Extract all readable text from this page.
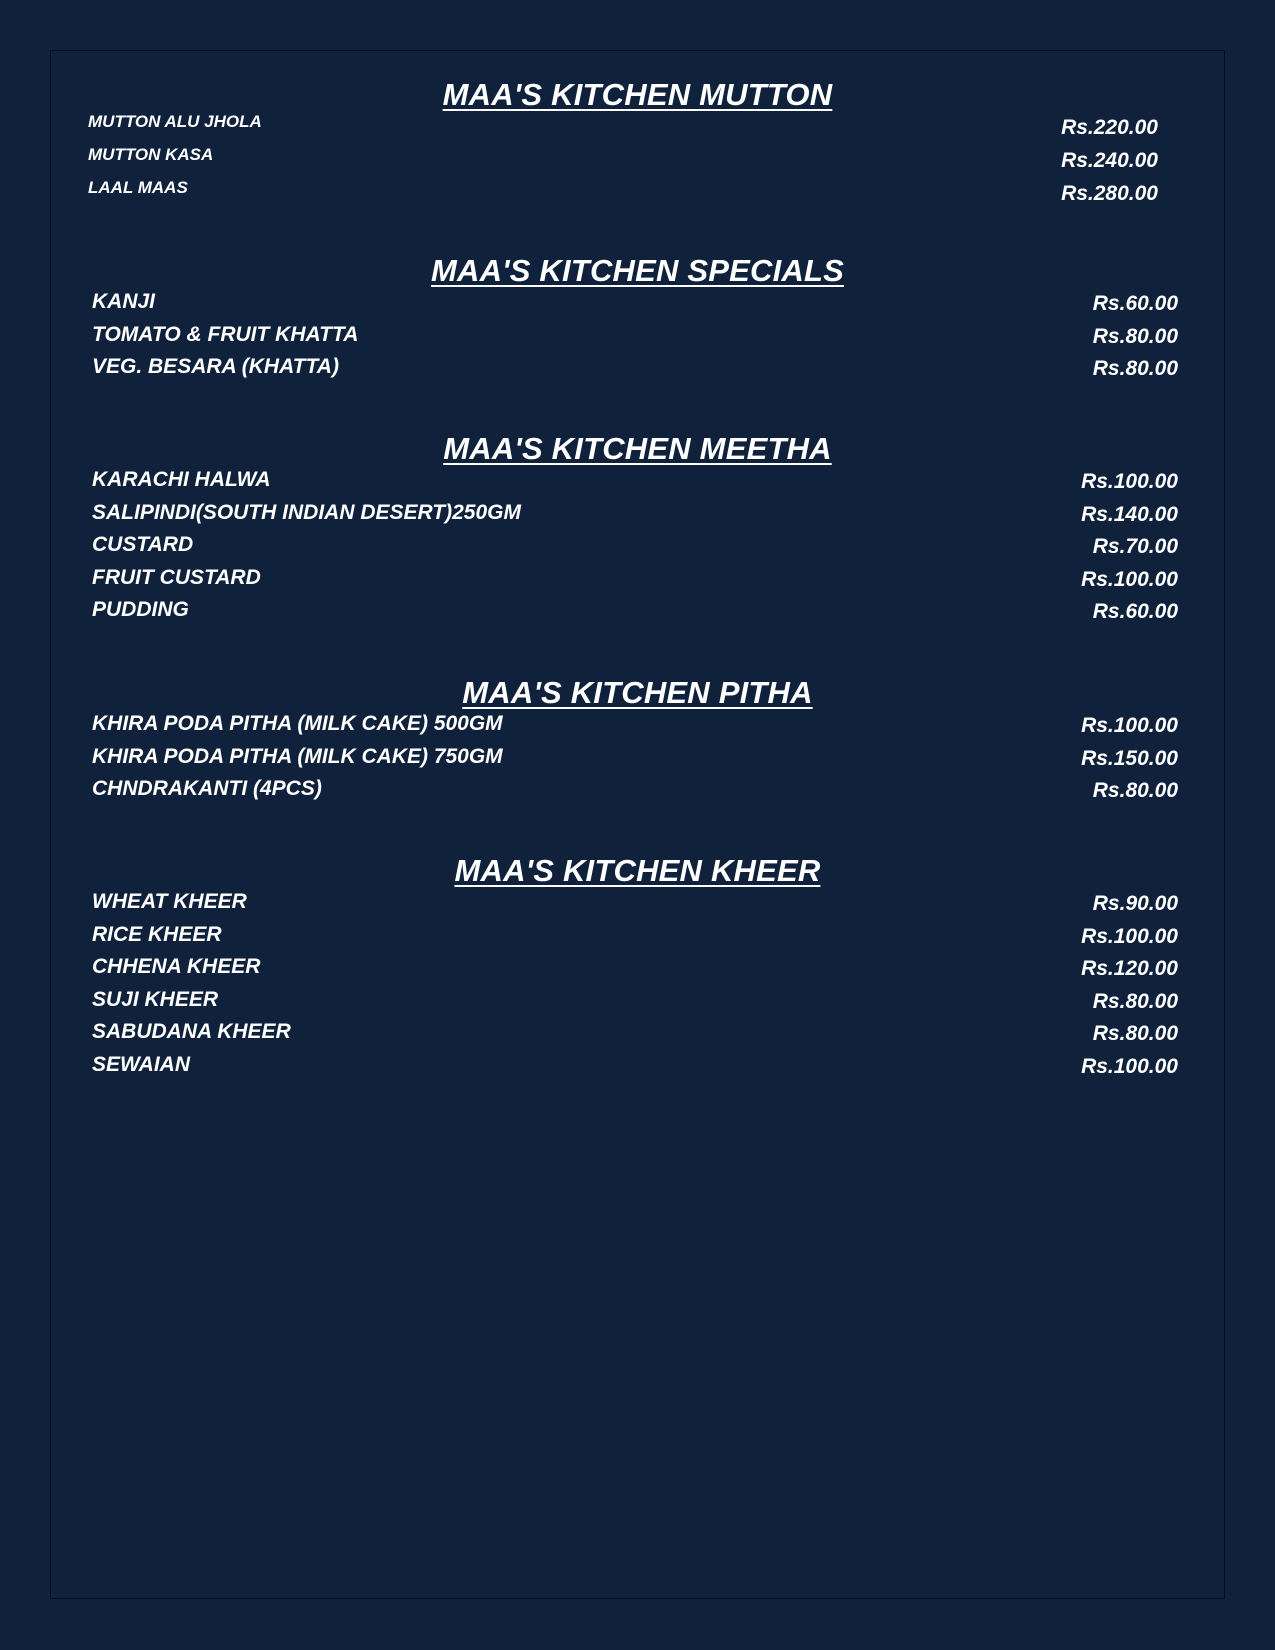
MAA'S KITCHEN MUTTON
MUTTON ALU JHOLA	Rs.220.00
MUTTON KASA	Rs.240.00
LAAL MAAS	Rs.280.00
MAA'S KITCHEN SPECIALS
KANJI	Rs.60.00
TOMATO & FRUIT KHATTA	Rs.80.00
VEG. BESARA (KHATTA)	Rs.80.00
MAA'S KITCHEN MEETHA
KARACHI HALWA	Rs.100.00
SALIPINDI(SOUTH INDIAN DESERT)250GM	Rs.140.00
CUSTARD	Rs.70.00
FRUIT CUSTARD	Rs.100.00
PUDDING	Rs.60.00
MAA'S KITCHEN PITHA
KHIRA PODA PITHA (MILK CAKE) 500GM	Rs.100.00
KHIRA PODA PITHA (MILK CAKE) 750GM	Rs.150.00
CHNDRAKANTI (4PCS)	Rs.80.00
MAA'S KITCHEN KHEER
WHEAT KHEER	Rs.90.00
RICE KHEER	Rs.100.00
CHHENA KHEER	Rs.120.00
SUJI KHEER	Rs.80.00
SABUDANA KHEER	Rs.80.00
SEWAIAN	Rs.100.00
